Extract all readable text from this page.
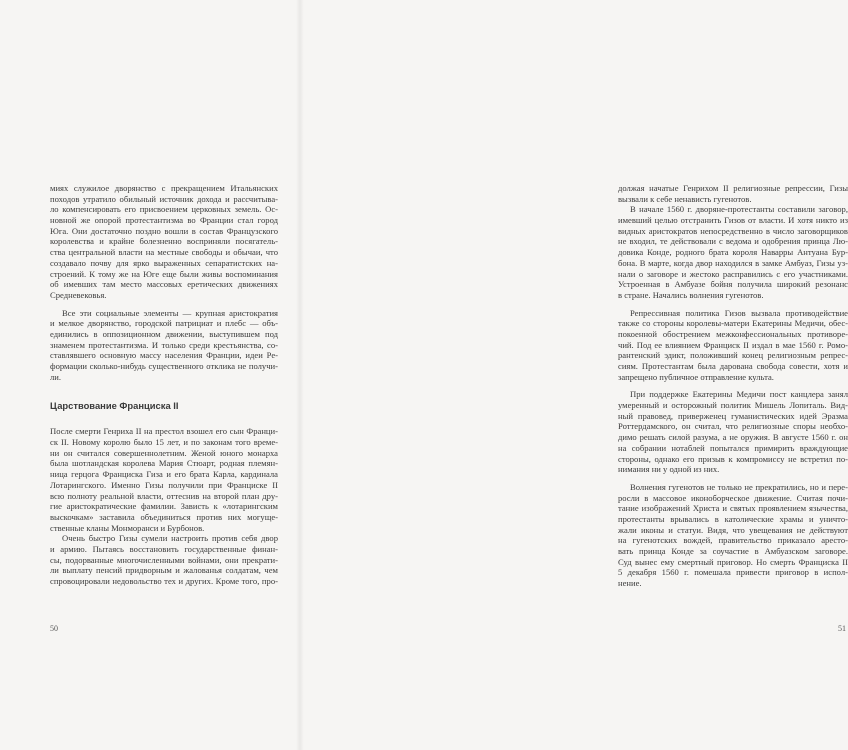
миях служилое дворянство с прекращением Итальянских
походов утратило обильный источник дохода и рассчитыва-
ло компенсировать его присвоением церковных земель. Ос-
новной же опорой протестантизма во Франции стал город
Юга. Они достаточно поздно вошли в состав Французского
королевства и крайне болезненно восприняли посягатель-
ства центральной власти на местные свободы и обычаи, что
создавало почву для ярко выраженных сепаратистских на-
строений. К тому же на Юге еще были живы воспоминания
об имевших там место массовых еретических движениях
Средневековья.
Все эти социальные элементы — крупная аристократия
и мелкое дворянство, городской патрициат и плебс — объ-
единились в оппозиционном движении, выступившем под
знаменем протестантизма. И только среди крестьянства, со-
ставлявшего основную массу населения Франции, идеи Ре-
формации сколько-нибудь существенного отклика не получи-
ли.
Царствование Франциска II
После смерти Генриха II на престол взошел его сын Франци-
ск II. Новому королю было 15 лет, и по законам того време-
ни он считался совершеннолетним. Женой юного монарха
была шотландская королева Мария Стюарт, родная племян-
ница герцога Франциска Гиза и его брата Карла, кардинала
Лотарингского. Именно Гизы получили при Франциске II
всю полноту реальной власти, оттеснив на второй план дру-
гие аристократические фамилии. Зависть к «лотарингским
выскочкам» заставила объединиться против них могуще-
ственные кланы Монморанси и Бурбонов.
Очень быстро Гизы сумели настроить против себя двор
и армию. Пытаясь восстановить государственные финан-
сы, подорванные многочисленными войнами, они прекрати-
ли выплату пенсий придворным и жалованья солдатам, чем
спровоцировали недовольство тех и других. Кроме того, про-
50
должая начатые Генрихом II религиозные репрессии, Гизы
вызвали к себе ненависть гугенотов.
В начале 1560 г. дворяне-протестанты составили заговор,
имевший целью отстранить Гизов от власти. И хотя никто из
видных аристократов непосредственно в число заговорщиков
не входил, те действовали с ведома и одобрения принца Лю-
довика Конде, родного брата короля Наварры Антуана Бур-
бона. В марте, когда двор находился в замке Амбуаз, Гизы уз-
нали о заговоре и жестоко расправились с его участниками.
Устроенная в Амбуазе бойня получила широкий резонанс
в стране. Начались волнения гугенотов.
Репрессивная политика Гизов вызвала противодействие
также со стороны королевы-матери Екатерины Медичи, обес-
покоенной обострением межконфессиональных противоре-
чий. Под ее влиянием Франциск II издал в мае 1560 г. Ромо-
рантенский эдикт, положивший конец религиозным репрес-
сиям. Протестантам была дарована свобода совести, хотя и
запрещено публичное отправление культа.
При поддержке Екатерины Медичи пост канцлера занял
умеренный и осторожный политик Мишель Лопиталь. Вид-
ный правовед, приверженец гуманистических идей Эразма
Роттердамского, он считал, что религиозные споры необхо-
димо решать силой разума, а не оружия. В августе 1560 г. он
на собрании нотаблей попытался примирить враждующие
стороны, однако его призыв к компромиссу не встретил по-
нимания ни у одной из них.
Волнения гугенотов не только не прекратились, но и пере-
росли в массовое иконоборческое движение. Считая почи-
тание изображений Христа и святых проявлением язычества,
протестанты врывались в католические храмы и уничто-
жали иконы и статуи. Видя, что увещевания не действуют
на гугенотских вождей, правительство приказало аресто-
вать принца Конде за соучастие в Амбуазском заговоре.
Суд вынес ему смертный приговор. Но смерть Франциска II
5 декабря 1560 г. помешала привести приговор в испол-
нение.
51
